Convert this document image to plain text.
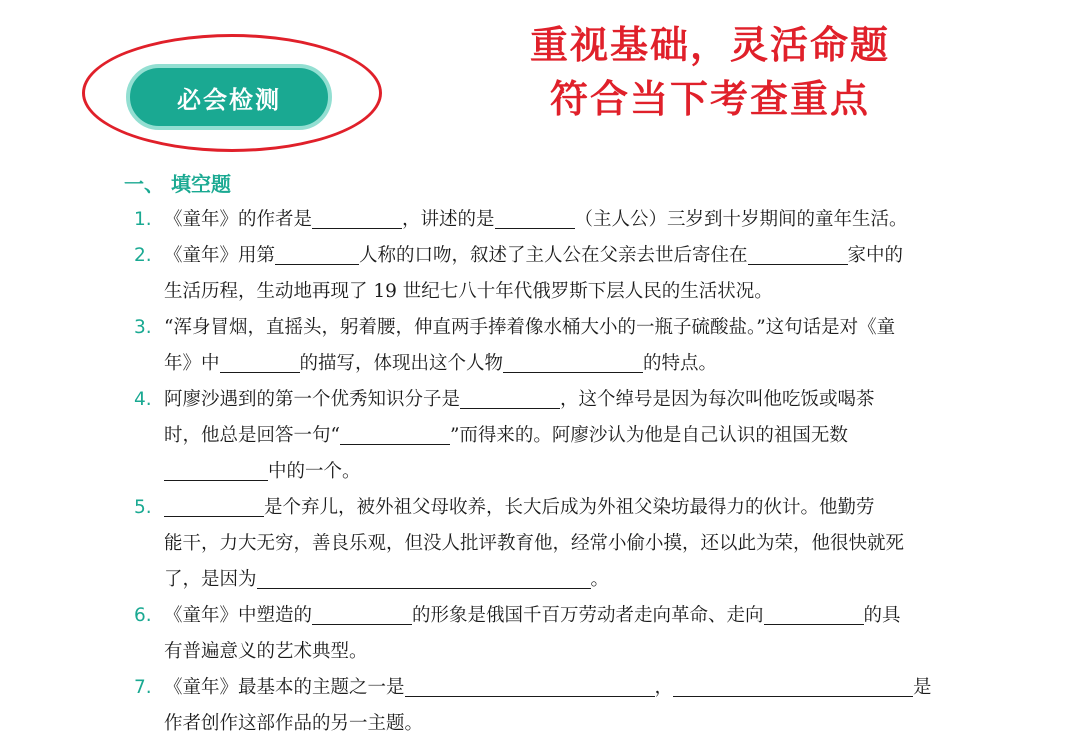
必会检测
重视基础，灵活命题
符合当下考查重点
一、 填空题
1. 《童年》的作者是	，讲述的是	（主人公）三岁到十岁期间的童年生活。
2. 《童年》用第	人称的口吻，叙述了主人公在父亲去世后寄住在	家中的
生活历程，生动地再现了 19 世纪七八十年代俄罗斯下层人民的生活状况。
3. “浑身冒烟，直摇头，躬着腰，伸直两手捧着像水桶大小的一瓶子硫酸盐。”这句话是对《童
年》中	的描写，体现出这个人物	的特点。
4. 阿廖沙遇到的第一个优秀知识分子是	，这个绰号是因为每次叫他吃饭或喝茶
时，他总是回答一句“	”而得来的。阿廖沙认为他是自己认识的祖国无数
中的一个。
5.	是个弃儿，被外祖父母收养，长大后成为外祖父染坊最得力的伙计。他勤劳
能干，力大无穷，善良乐观，但没人批评教育他，经常小偷小摸，还以此为荣，他很快就死
了，是因为	。
6. 《童年》中塑造的	的形象是俄国千百万劳动者走向革命、走向	的具
有普遍意义的艺术典型。
7. 《童年》最基本的主题之一是	，	是
作者创作这部作品的另一主题。
